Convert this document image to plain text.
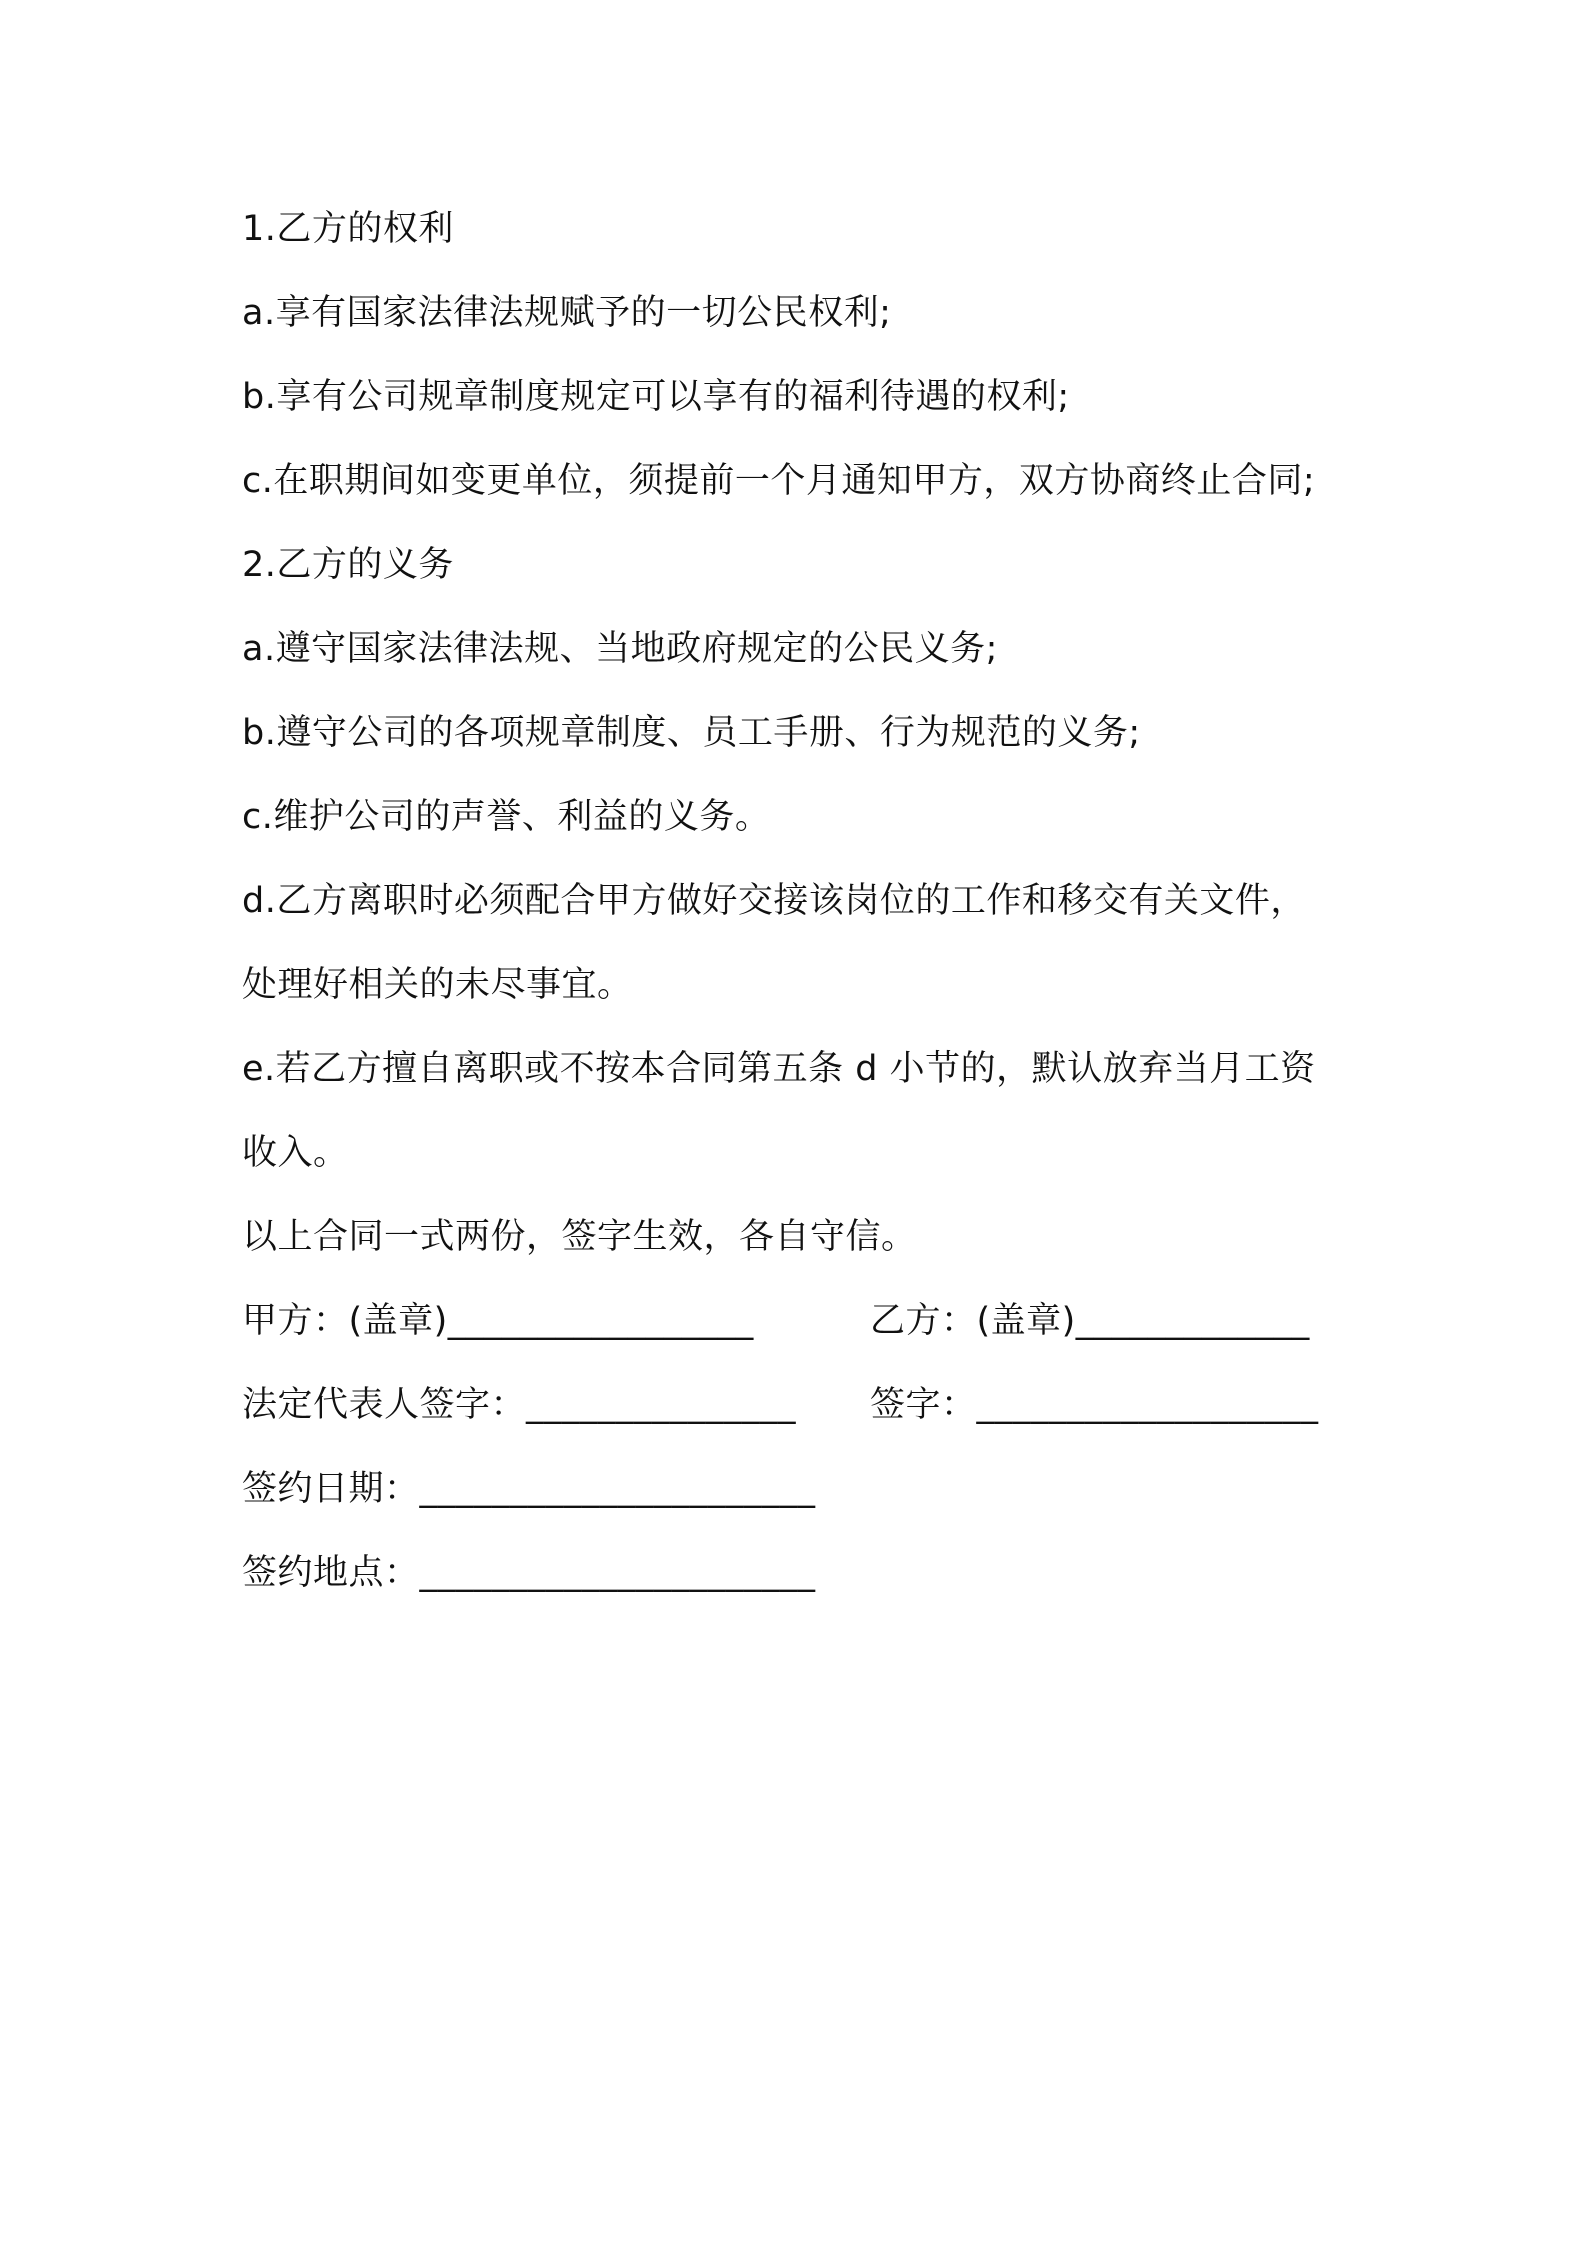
1.乙方的权利
a.享有国家法律法规赋予的一切公民权利;
b.享有公司规章制度规定可以享有的福利待遇的权利;
c.在职期间如变更单位，须提前一个月通知甲方，双方协商终止合同;
2.乙方的义务
a.遵守国家法律法规、当地政府规定的公民义务;
b.遵守公司的各项规章制度、员工手册、行为规范的义务;
c.维护公司的声誉、利益的义务。
d.乙方离职时必须配合甲方做好交接该岗位的工作和移交有关文件，
处理好相关的未尽事宜。
e.若乙方擅自离职或不按本合同第五条 d 小节的，默认放弃当月工资
收入。
以上合同一式两份，签字生效，各自守信。
甲方：(盖章)_________________	乙方：(盖章)_____________
法定代表人签字：_______________ 签字：___________________
签约日期：______________________
签约地点：______________________
